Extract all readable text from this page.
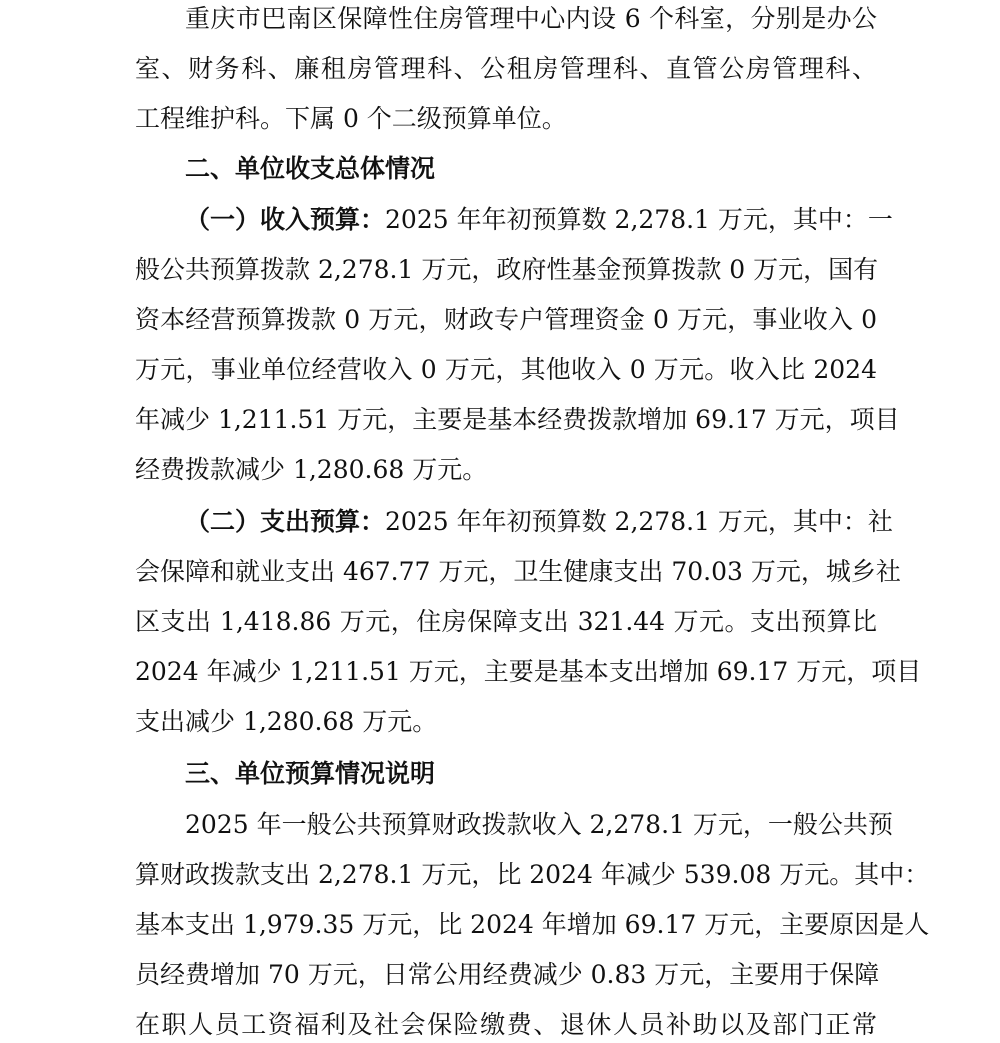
重庆市巴南区保障性住房管理中心内设 6 个科室，分别是办公
室、财务科、廉租房管理科、公租房管理科、直管公房管理科、
工程维护科。下属 0 个二级预算单位。
二、单位收支总体情况
（一）收入预算：2025 年年初预算数 2,278.1 万元，其中：一
般公共预算拨款 2,278.1 万元，政府性基金预算拨款 0 万元，国有
资本经营预算拨款 0 万元，财政专户管理资金 0 万元，事业收入 0
万元，事业单位经营收入 0 万元，其他收入 0 万元。收入比 2024
年减少 1,211.51 万元，主要是基本经费拨款增加 69.17 万元，项目
经费拨款减少 1,280.68 万元。
（二）支出预算：2025 年年初预算数 2,278.1 万元，其中：社
会保障和就业支出 467.77 万元，卫生健康支出 70.03 万元，城乡社
区支出 1,418.86 万元，住房保障支出 321.44 万元。支出预算比
2024 年减少 1,211.51 万元，主要是基本支出增加 69.17 万元，项目
支出减少 1,280.68 万元。
三、单位预算情况说明
2025 年一般公共预算财政拨款收入 2,278.1 万元，一般公共预
算财政拨款支出 2,278.1 万元，比 2024 年减少 539.08 万元。其中：
基本支出 1,979.35 万元，比 2024 年增加 69.17 万元，主要原因是人
员经费增加 70 万元，日常公用经费减少 0.83 万元，主要用于保障
在职人员工资福利及社会保险缴费、退休人员补助以及部门正常
